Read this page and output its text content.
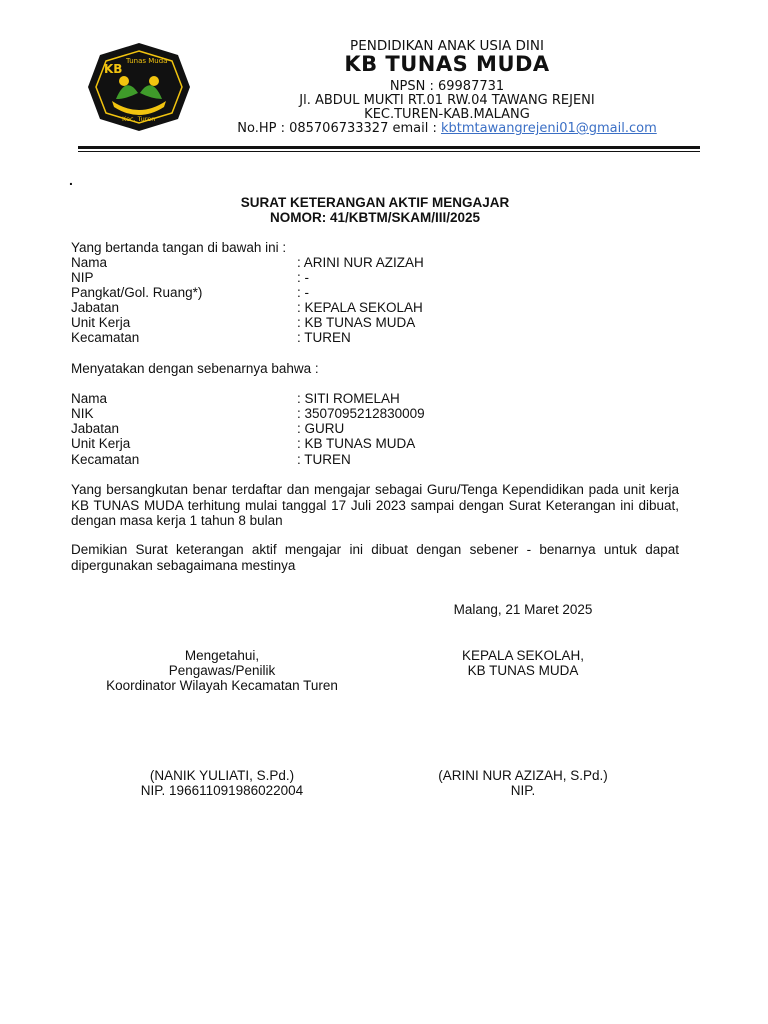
KB
Tunas Muda
Kec. Turen
PENDIDIKAN ANAK USIA DINI
KB TUNAS MUDA
NPSN : 69987731
Jl. ABDUL MUKTI RT.01 RW.04 TAWANG REJENI
KEC.TUREN-KAB.MALANG
No.HP : 085706733327 email : kbtmtawangrejeni01@gmail.com
.
SURAT KETERANGAN AKTIF MENGAJAR
NOMOR: 41/KBTM/SKAM/III/2025
Yang bertanda tangan di bawah ini :
Nama	: ARINI NUR AZIZAH
NIP	: -
Pangkat/Gol. Ruang*)	: -
Jabatan	: KEPALA SEKOLAH
Unit Kerja	: KB TUNAS MUDA
Kecamatan	: TUREN
Menyatakan dengan sebenarnya bahwa :
Nama	: SITI ROMELAH
NIK	: 3507095212830009
Jabatan	: GURU
Unit Kerja	: KB TUNAS MUDA
Kecamatan	: TUREN
Yang bersangkutan benar terdaftar dan mengajar sebagai Guru/Tenga Kependidikan pada unit kerja KB TUNAS MUDA terhitung mulai tanggal 17 Juli 2023 sampai dengan Surat Keterangan ini dibuat, dengan masa kerja 1 tahun 8 bulan
Demikian Surat keterangan aktif mengajar ini dibuat dengan sebener - benarnya untuk dapat dipergunakan sebagaimana mestinya
Malang, 21 Maret 2025
Mengetahui,
Pengawas/Penilik
Koordinator Wilayah Kecamatan Turen
(NANIK YULIATI, S.Pd.)
NIP. 196611091986022004
KEPALA SEKOLAH,
KB TUNAS MUDA
(ARINI NUR AZIZAH, S.Pd.)
NIP.
